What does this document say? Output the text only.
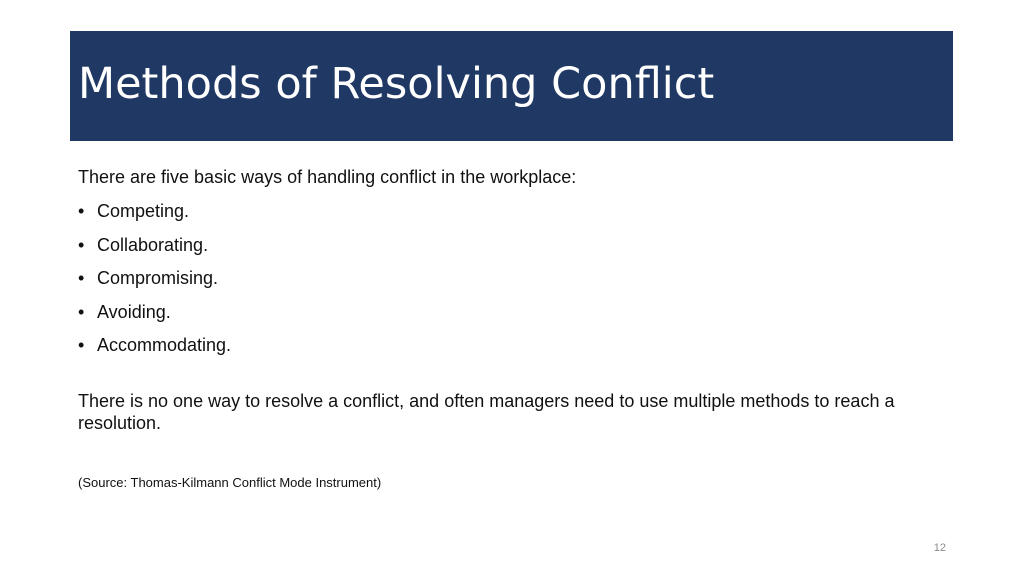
Methods of Resolving Conflict

There are five basic ways of handling conflict in the workplace:

• Competing.
• Collaborating.
• Compromising.
• Avoiding.
• Accommodating.

There is no one way to resolve a conflict, and often managers need to use multiple methods to reach a resolution.

(Source: Thomas-Kilmann Conflict Mode Instrument)

12
